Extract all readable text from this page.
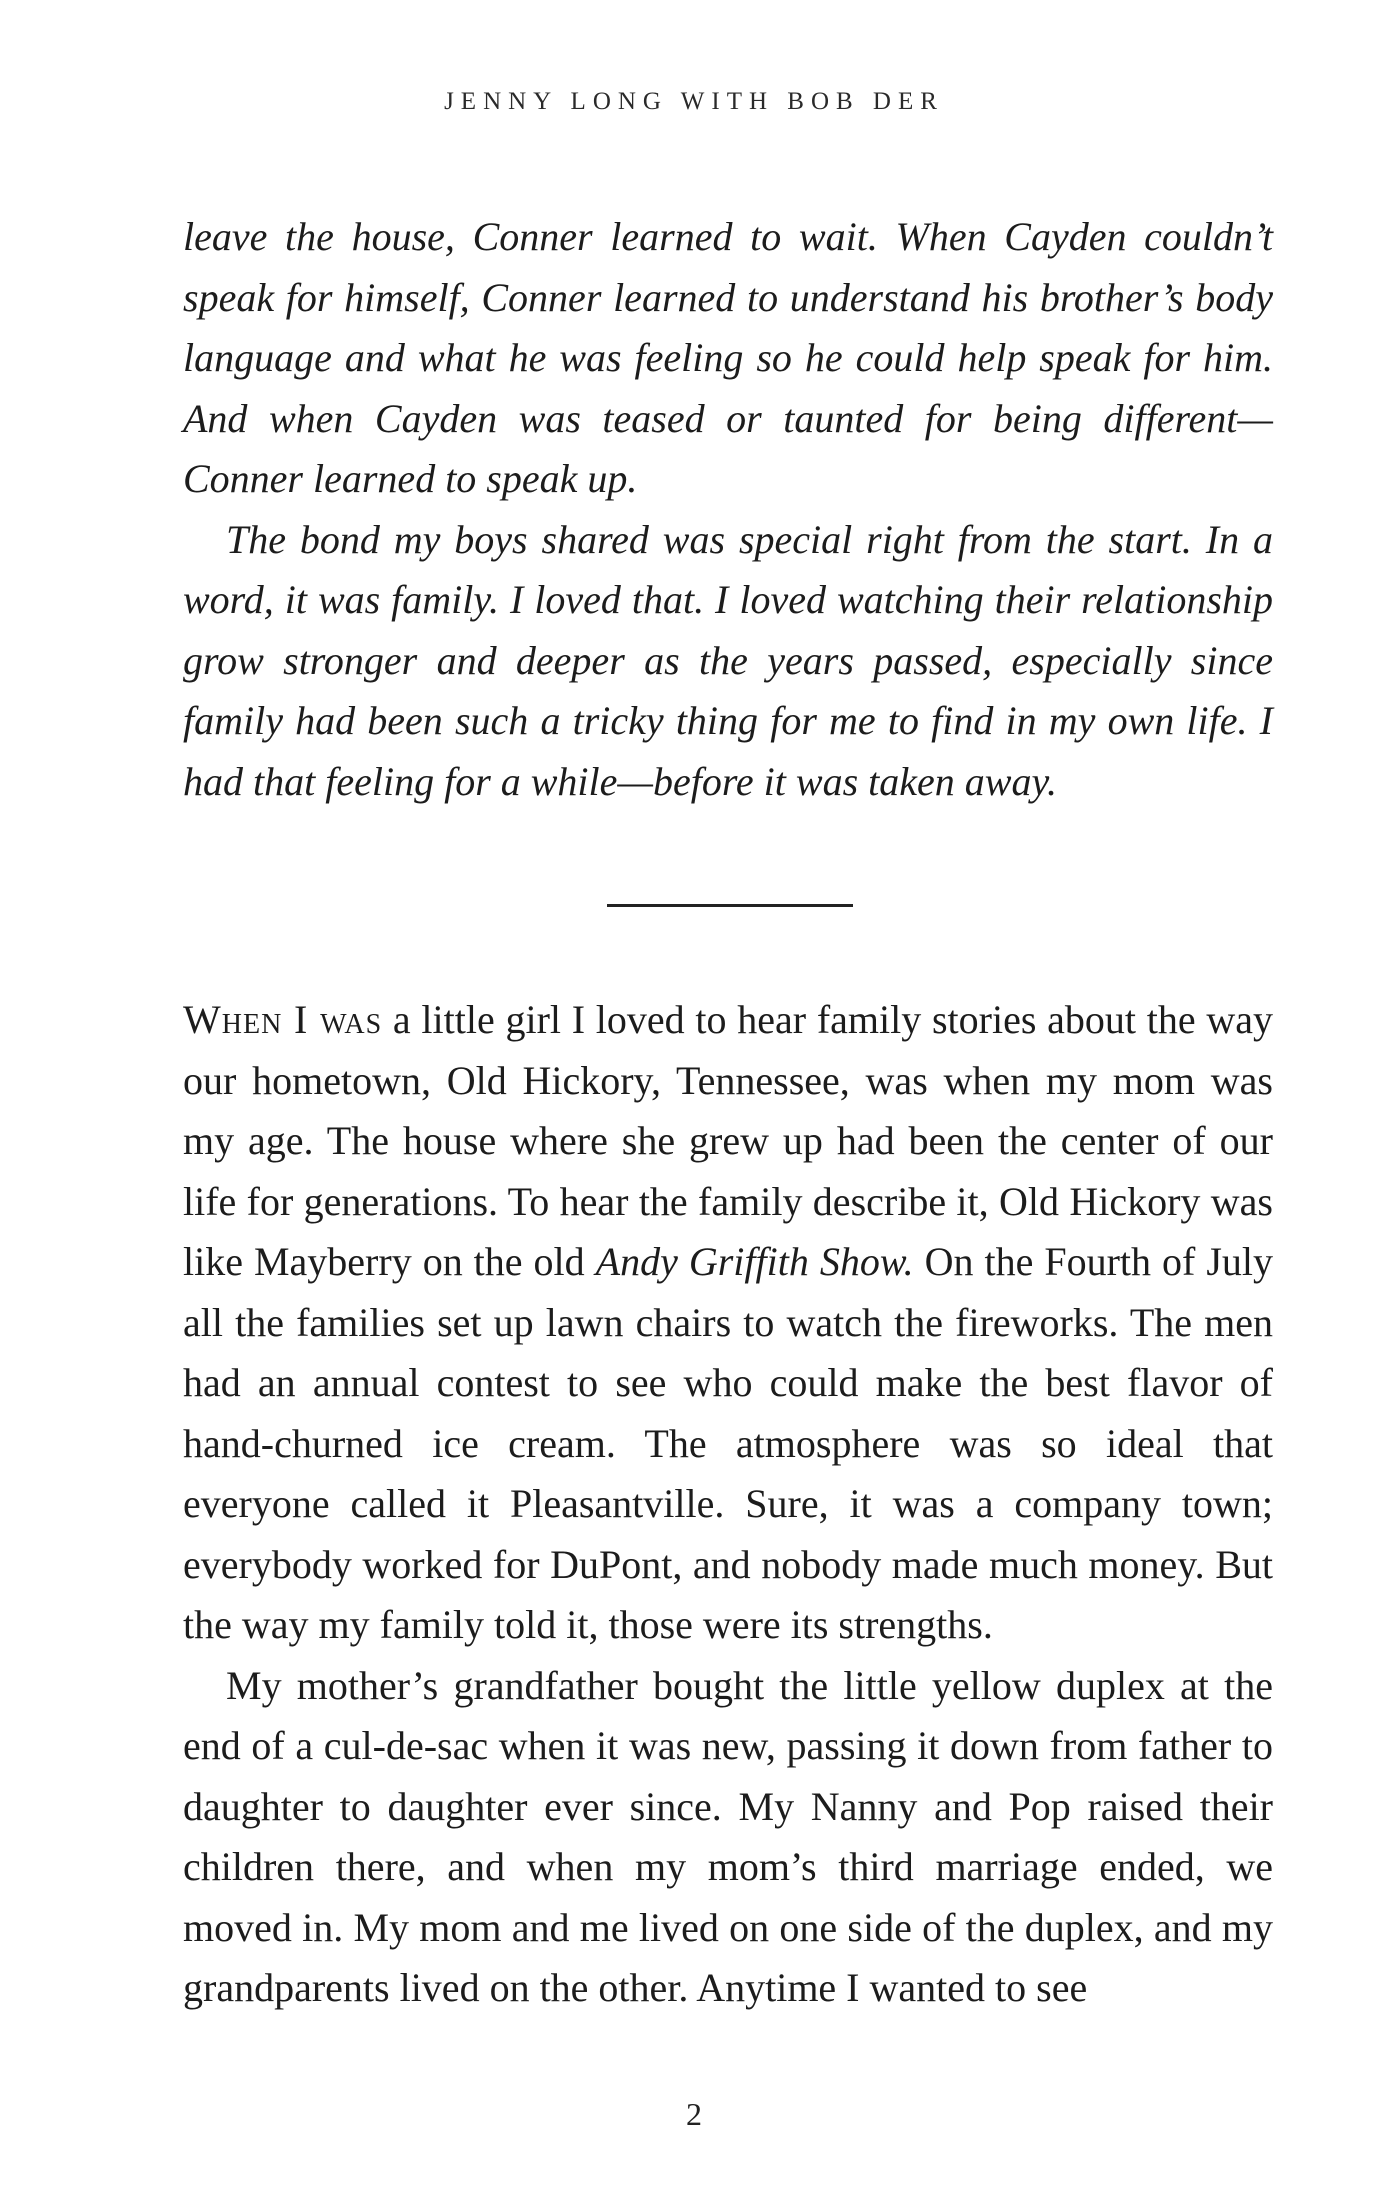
JENNY LONG WITH BOB DER

leave the house, Conner learned to wait. When Cayden couldn’t speak for himself, Conner learned to understand his brother’s body language and what he was feeling so he could help speak for him. And when Cayden was teased or taunted for being different—Conner learned to speak up.

The bond my boys shared was special right from the start. In a word, it was family. I loved that. I loved watching their relationship grow stronger and deeper as the years passed, especially since family had been such a tricky thing for me to find in my own life. I had that feeling for a while—before it was taken away.

When I was a little girl I loved to hear family stories about the way our hometown, Old Hickory, Tennessee, was when my mom was my age. The house where she grew up had been the center of our life for generations. To hear the family describe it, Old Hickory was like Mayberry on the old Andy Griffith Show. On the Fourth of July all the families set up lawn chairs to watch the fireworks. The men had an annual contest to see who could make the best flavor of hand-churned ice cream. The atmosphere was so ideal that everyone called it Pleasantville. Sure, it was a company town; everybody worked for DuPont, and nobody made much money. But the way my family told it, those were its strengths.

My mother’s grandfather bought the little yellow duplex at the end of a cul-de-sac when it was new, passing it down from father to daughter to daughter ever since. My Nanny and Pop raised their children there, and when my mom’s third marriage ended, we moved in. My mom and me lived on one side of the duplex, and my grandparents lived on the other. Anytime I wanted to see

2
